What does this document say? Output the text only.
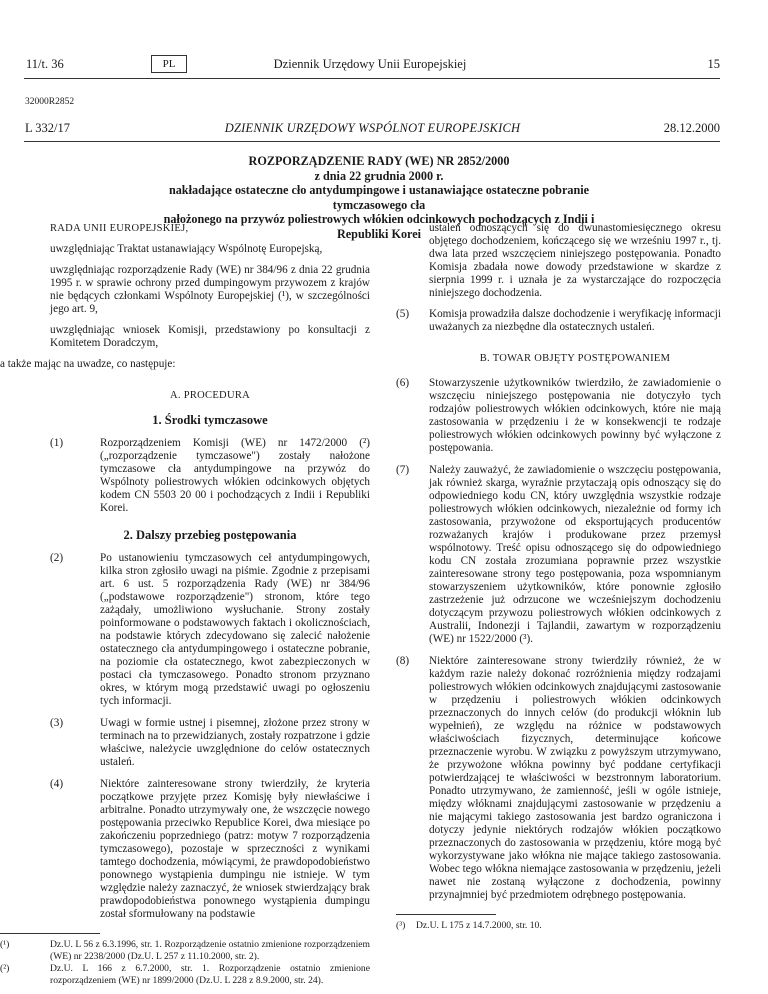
11/t. 36	PL	Dziennik Urzędowy Unii Europejskiej	15
32000R2852
L 332/17	DZIENNIK URZĘDOWY WSPÓLNOT EUROPEJSKICH	28.12.2000
ROZPORZĄDZENIE RADY (WE) NR 2852/2000
z dnia 22 grudnia 2000 r.
nakładające ostateczne cło antydumpingowe i ustanawiające ostateczne pobranie tymczasowego cła
nałożonego na przywóz poliestrowych włókien odcinkowych pochodzących z Indii i Republiki Korei

RADA UNII EUROPEJSKIEJ,

uwzględniając Traktat ustanawiający Wspólnotę Europejską,

uwzględniając rozporządzenie Rady (WE) nr 384/96 z dnia 22 grudnia 1995 r. w sprawie ochrony przed dumpingowym przywozem z krajów nie będących członkami Wspólnoty Europejskiej (¹), w szczególności jego art. 9,

uwzględniając wniosek Komisji, przedstawiony po konsultacji z Komitetem Doradczym,

a także mając na uwadze, co następuje:

A. PROCEDURA
1. Środki tymczasowe
(1)	Rozporządzeniem Komisji (WE) nr 1472/2000 (²) („rozporządzenie tymczasowe") zostały nałożone tymczasowe cła antydumpingowe na przywóz do Wspólnoty poliestrowych włókien odcinkowych objętych kodem CN 5503 20 00 i pochodzących z Indii i Republiki Korei.
2. Dalszy przebieg postępowania
(2)	Po ustanowieniu tymczasowych ceł antydumpingowych, kilka stron zgłosiło uwagi na piśmie. Zgodnie z przepisami art. 6 ust. 5 rozporządzenia Rady (WE) nr 384/96 („podstawowe rozporządzenie") stronom, które tego zażądały, umożliwiono wysłuchanie. Strony zostały poinformowane o podstawowych faktach i okolicznościach, na podstawie których zdecydowano się zalecić nałożenie ostatecznego cła antydumpingowego i ostateczne pobranie, na poziomie cła ostatecznego, kwot zabezpieczonych w postaci cła tymczasowego. Ponadto stronom przyznano okres, w którym mogą przedstawić uwagi po ogłoszeniu tych informacji.
(3)	Uwagi w formie ustnej i pisemnej, złożone przez strony w terminach na to przewidzianych, zostały rozpatrzone i gdzie właściwe, należycie uwzględnione do celów ostatecznych ustaleń.
(4)	Niektóre zainteresowane strony twierdziły, że kryteria początkowe przyjęte przez Komisję były niewłaściwe i arbitralne. Ponadto utrzymywały one, że wszczęcie nowego postępowania przeciwko Republice Korei, dwa miesiące po zakończeniu poprzedniego (patrz: motyw 7 rozporządzenia tymczasowego), pozostaje w sprzeczności z wynikami tamtego dochodzenia, mówiącymi, że prawdopodobieństwo ponownego wystąpienia dumpingu nie istnieje. W tym względzie należy zaznaczyć, że wniosek stwierdzający brak prawdopodobieństwa ponownego wystąpienia dumpingu został sformułowany na podstawie
(¹)	Dz.U. L 56 z 6.3.1996, str. 1. Rozporządzenie ostatnio zmienione rozporządzeniem (WE) nr 2238/2000 (Dz.U. L 257 z 11.10.2000, str. 2).
(²)	Dz.U. L 166 z 6.7.2000, str. 1. Rozporządzenie ostatnio zmienione rozporządzeniem (WE) nr 1899/2000 (Dz.U. L 228 z 8.9.2000, str. 24).

ustaleń odnoszących się do dwunastomiesięcznego okresu objętego dochodzeniem, kończącego się we wrześniu 1997 r., tj. dwa lata przed wszczęciem niniejszego postępowania. Ponadto Komisja zbadała nowe dowody przedstawione w skardze z sierpnia 1999 r. i uznała je za wystarczające do rozpoczęcia niniejszego dochodzenia.

(5)	Komisja prowadziła dalsze dochodzenie i weryfikację informacji uważanych za niezbędne dla ostatecznych ustaleń.
B. TOWAR OBJĘTY POSTĘPOWANIEM
(6)	Stowarzyszenie użytkowników twierdziło, że zawiadomienie o wszczęciu niniejszego postępowania nie dotyczyło tych rodzajów poliestrowych włókien odcinkowych, które nie mają zastosowania w przędzeniu i że w konsekwencji te rodzaje poliestrowych włókien odcinkowych powinny być wyłączone z postępowania.
(7)	Należy zauważyć, że zawiadomienie o wszczęciu postępowania, jak również skarga, wyraźnie przytaczają opis odnoszący się do odpowiedniego kodu CN, który uwzględnia wszystkie rodzaje poliestrowych włókien odcinkowych, niezależnie od formy ich zastosowania, przywożone od eksportujących producentów rozważanych krajów i produkowane przez przemysł wspólnotowy. Treść opisu odnoszącego się do odpowiedniego kodu CN została zrozumiana poprawnie przez wszystkie zainteresowane strony tego postępowania, poza wspomnianym stowarzyszeniem użytkowników, które ponownie zgłosiło zastrzeżenie już odrzucone we wcześniejszym dochodzeniu dotyczącym przywozu poliestrowych włókien odcinkowych z Australii, Indonezji i Tajlandii, zawartym w rozporządzeniu (WE) nr 1522/2000 (³).
(8)	Niektóre zainteresowane strony twierdziły również, że w każdym razie należy dokonać rozróżnienia między rodzajami poliestrowych włókien odcinkowych znajdującymi zastosowanie w przędzeniu i poliestrowych włókien odcinkowych przeznaczonych do innych celów (do produkcji włóknin lub wypełnień), ze względu na różnice w podstawowych właściwościach fizycznych, determinujące końcowe przeznaczenie wyrobu. W związku z powyższym utrzymywano, że przywożone włókna powinny być poddane certyfikacji potwierdzającej te właściwości w bezstronnym laboratorium. Ponadto utrzymywano, że zamienność, jeśli w ogóle istnieje, między włóknami znajdującymi zastosowanie w przędzeniu a nie mającymi takiego zastosowania jest bardzo ograniczona i dotyczy jedynie niektórych rodzajów włókien początkowo przeznaczonych do zastosowania w przędzeniu, które mogą być wykorzystywane jako włókna nie mające takiego zastosowania. Wobec tego włókna niemające zastosowania w przędzeniu, jeżeli nawet nie zostaną wyłączone z dochodzenia, powinny przynajmniej być przedmiotem odrębnego postępowania.
(³)	Dz.U. L 175 z 14.7.2000, str. 10.
